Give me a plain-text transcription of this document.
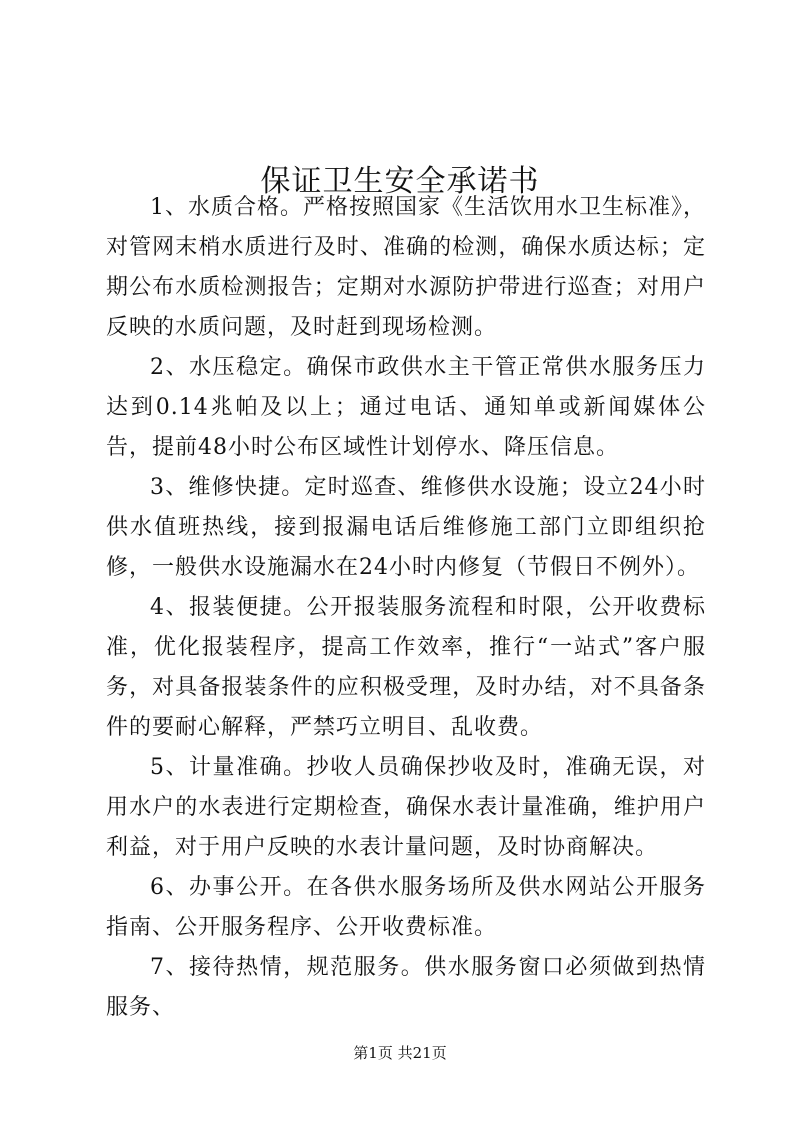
保证卫生安全承诺书

1、水质合格。严格按照国家《生活饮用水卫生标准》，对管网末梢水质进行及时、准确的检测，确保水质达标；定期公布水质检测报告；定期对水源防护带进行巡查；对用户反映的水质问题，及时赶到现场检测。

2、水压稳定。确保市政供水主干管正常供水服务压力达到0.14兆帕及以上；通过电话、通知单或新闻媒体公告，提前48小时公布区域性计划停水、降压信息。

3、维修快捷。定时巡查、维修供水设施；设立24小时供水值班热线，接到报漏电话后维修施工部门立即组织抢修，一般供水设施漏水在24小时内修复（节假日不例外）。

4、报装便捷。公开报装服务流程和时限，公开收费标准，优化报装程序，提高工作效率，推行“一站式”客户服务，对具备报装条件的应积极受理，及时办结，对不具备条件的要耐心解释，严禁巧立明目、乱收费。

5、计量准确。抄收人员确保抄收及时，准确无误，对用水户的水表进行定期检查，确保水表计量准确，维护用户利益，对于用户反映的水表计量问题，及时协商解决。

6、办事公开。在各供水服务场所及供水网站公开服务指南、公开服务程序、公开收费标准。

7、接待热情，规范服务。供水服务窗口必须做到热情服务、

第1页 共21页
